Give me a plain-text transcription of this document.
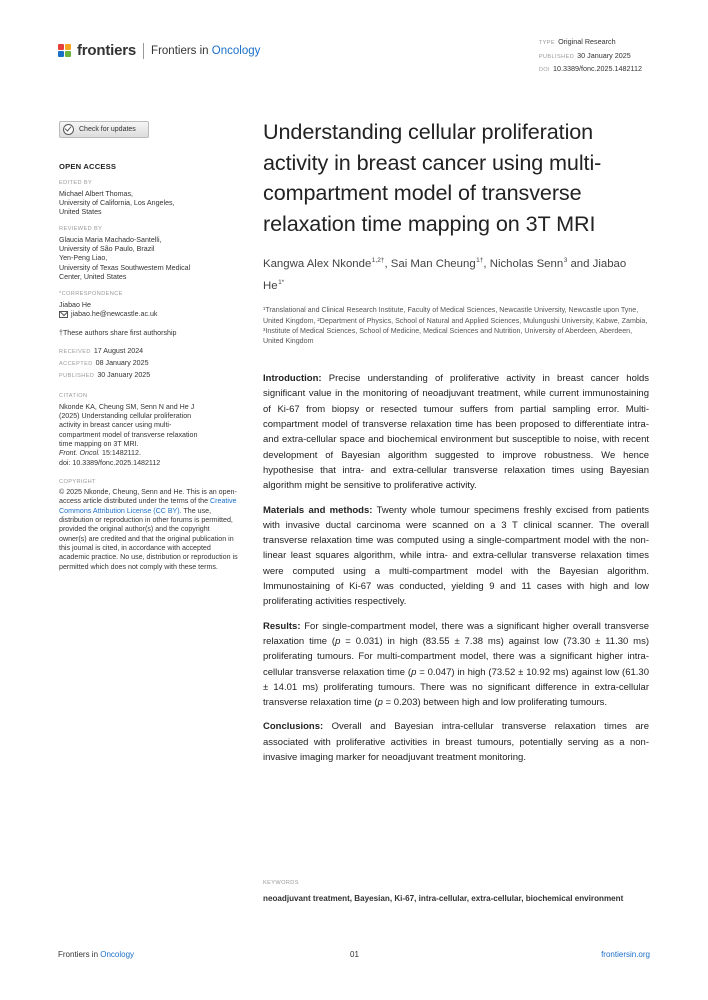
frontiers Frontiers in Oncology
TYPE Original Research
PUBLISHED 30 January 2025
DOI 10.3389/fonc.2025.1482112
Check for updates
OPEN ACCESS
EDITED BY
Michael Albert Thomas,
University of California, Los Angeles,
United States
REVIEWED BY
Glaucia Maria Machado-Santelli,
University of São Paulo, Brazil
Yen-Peng Liao,
University of Texas Southwestern Medical
Center, United States
*CORRESPONDENCE
Jiabao He
jiabao.he@newcastle.ac.uk
†These authors share first authorship
RECEIVED 17 August 2024
ACCEPTED 08 January 2025
PUBLISHED 30 January 2025
CITATION
Nkonde KA, Cheung SM, Senn N and He J
(2025) Understanding cellular proliferation
activity in breast cancer using multi-
compartment model of transverse relaxation
time mapping on 3T MRI.
Front. Oncol. 15:1482112.
doi: 10.3389/fonc.2025.1482112
COPYRIGHT
© 2025 Nkonde, Cheung, Senn and He. This is an open-access article distributed under the terms of the Creative Commons Attribution License (CC BY). The use, distribution or reproduction in other forums is permitted, provided the original author(s) and the copyright owner(s) are credited and that the original publication in this journal is cited, in accordance with accepted academic practice. No use, distribution or reproduction is permitted which does not comply with these terms.
Understanding cellular proliferation activity in breast cancer using multi-compartment model of transverse relaxation time mapping on 3T MRI
Kangwa Alex Nkonde$^{1,2\dagger}$, Sai Man Cheung$^{1\dagger}$, Nicholas Senn$^3$ and Jiabao $He^{1*}$
¹Translational and Clinical Research Institute, Faculty of Medical Sciences, Newcastle University, Newcastle upon Tyne, United Kingdom, ²Department of Physics, School of Natural and Applied Sciences, Mulungushi University, Kabwe, Zambia, ³Institute of Medical Sciences, School of Medicine, Medical Sciences and Nutrition, University of Aberdeen, Aberdeen, United Kingdom

Introduction: Precise understanding of proliferative activity in breast cancer holds significant value in the monitoring of neoadjuvant treatment, while current immunostaining of Ki-67 from biopsy or resected tumour suffers from partial sampling error. Multi-compartment model of transverse relaxation time has been proposed to differentiate intra- and extra-cellular space and biochemical environment but susceptible to noise, with recent development of Bayesian algorithm suggested to improve robustness. We hence hypothesise that intra- and extra-cellular transverse relaxation times using Bayesian algorithm might be sensitive to proliferative activity.

Materials and methods: Twenty whole tumour specimens freshly excised from patients with invasive ductal carcinoma were scanned on a 3 T clinical scanner. The overall transverse relaxation time was computed using a single-compartment model with the non-linear least squares algorithm, while intra- and extra-cellular transverse relaxation times were computed using a multi-compartment model with the Bayesian algorithm. Immunostaining of Ki-67 was conducted, yielding 9 and 11 cases with high and low proliferating activities respectively.

Results: For single-compartment model, there was a significant higher overall transverse relaxation time (p = 0.031) in high (83.55 ± 7.38 ms) against low (73.30 ± 11.30 ms) proliferating tumours. For multi-compartment model, there was a significant higher intra-cellular transverse relaxation time (p = 0.047) in high (73.52 ± 10.92 ms) against low (61.30 ± 14.01 ms) proliferating tumours. There was no significant difference in extra-cellular transverse relaxation time (p = 0.203) between high and low proliferating tumours.

Conclusions: Overall and Bayesian intra-cellular transverse relaxation times are associated with proliferative activities in breast tumours, potentially serving as a non-invasive imaging marker for neoadjuvant treatment monitoring.

KEYWORDS
neoadjuvant treatment, Bayesian, Ki-67, intra-cellular, extra-cellular, biochemical environment
Frontiers in Oncology	01	frontiersin.org
